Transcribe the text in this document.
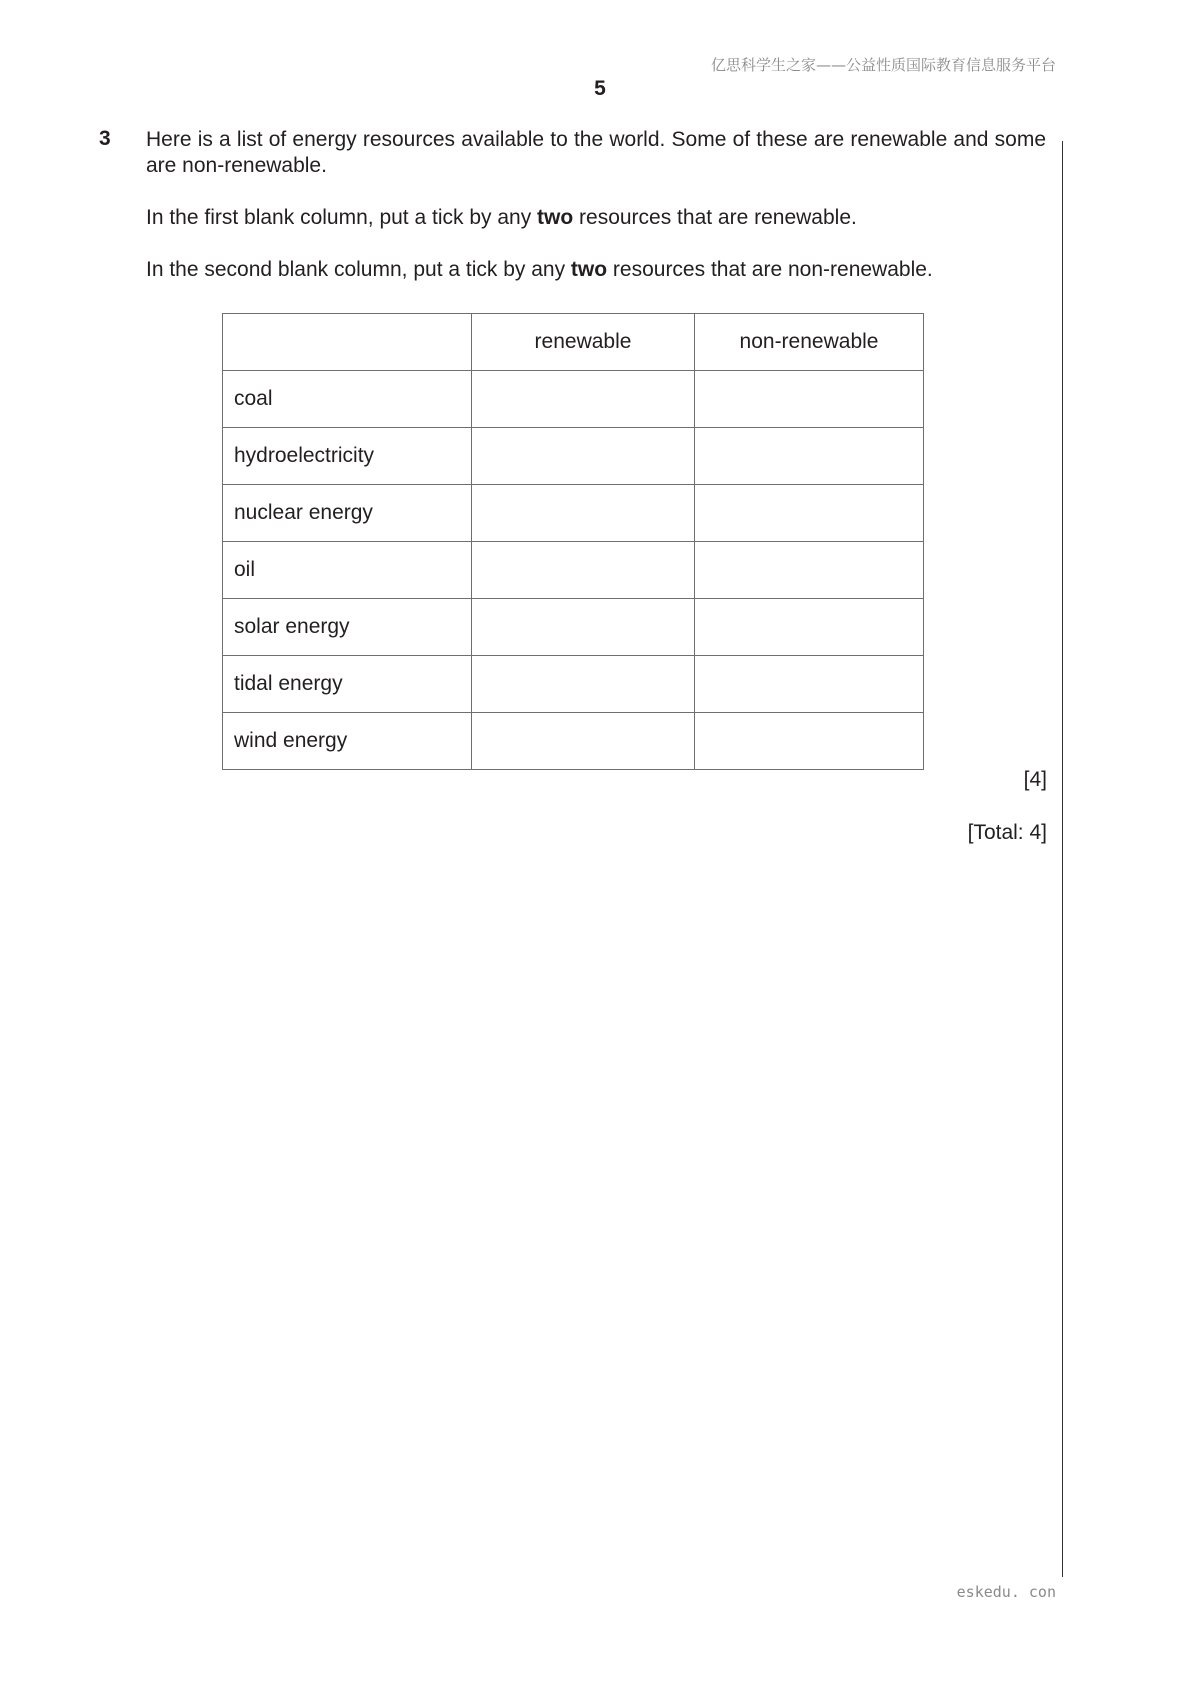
亿思科学生之家——公益性质国际教育信息服务平台
5
3 Here is a list of energy resources available to the world. Some of these are renewable and some are non-renewable.

In the first blank column, put a tick by any two resources that are renewable.

In the second blank column, put a tick by any two resources that are non-renewable.

	renewable	non-renewable
coal		
hydroelectricity		
nuclear energy		
oil		
solar energy		
tidal energy		
wind energy		
[4]
[Total: 4]
eskedu. con
